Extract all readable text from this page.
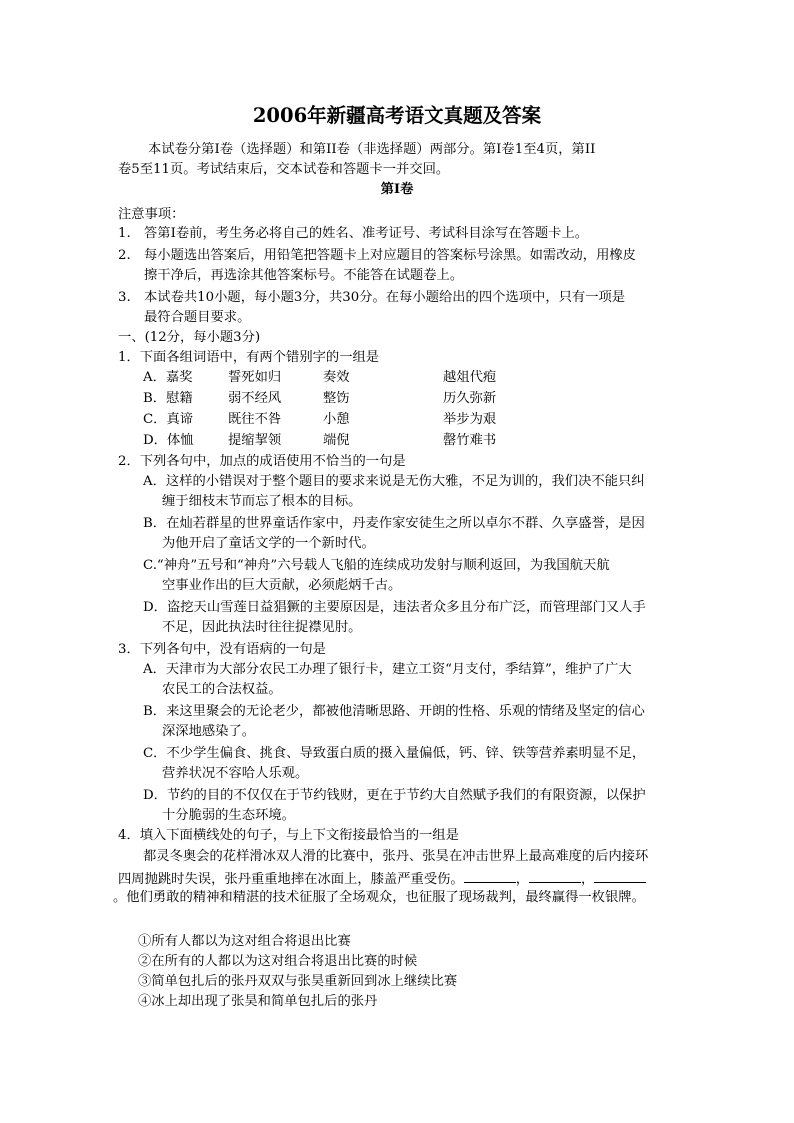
2006年新疆高考语文真题及答案
本试卷分第Ⅰ卷（选择题）和第II卷（非选择题）两部分。第Ⅰ卷1至4页，第II
卷5至11页。考试结束后，交本试卷和答题卡一并交回。
第Ⅰ卷
注意事项：
1. 答第Ⅰ卷前，考生务必将自己的姓名、准考证号、考试科目涂写在答题卡上。
2. 每小题选出答案后，用铅笔把答题卡上对应题目的答案标号涂黑。如需改动，用橡皮
擦干净后，再选涂其他答案标号。不能答在试题卷上。
3. 本试卷共10小题，每小题3分，共30分。在每小题给出的四个选项中，只有一项是
最符合题目要求。
一、(12分，每小题3分)
1．下面各组词语中，有两个错别字的一组是
A．嘉奖	誓死如归	奏效	越俎代疱
B．慰籍	弱不经风	整饬	历久弥新
C．真谛	既往不咎	小憩	举步为艰
D．体恤	提缩挈领	端倪	罄竹难书
2．下列各句中，加点的成语使用不恰当的一句是
A．这样的小错误对于整个题目的要求来说是无伤大雅，不足为训的，我们决不能只纠
缠于细枝末节而忘了根本的目标。
B．在灿若群星的世界童话作家中，丹麦作家安徒生之所以卓尔不群、久享盛誉，是因
为他开启了童话文学的一个新时代。
C.“神舟”五号和“神舟”六号载人飞船的连续成功发射与顺利返回，为我国航天航
空事业作出的巨大贡献，必须彪炳千古。
D．盗挖天山雪莲日益猖獗的主要原因是，违法者众多且分布广泛，而管理部门又人手
不足，因此执法时往往捉襟见肘。
3．下列各句中，没有语病的一句是
A．天津市为大部分农民工办理了银行卡，建立工资“月支付，季结算”，维护了广大
农民工的合法权益。
B．来这里聚会的无论老少，都被他清晰思路、开朗的性格、乐观的情绪及坚定的信心
深深地感染了。
C．不少学生偏食、挑食、导致蛋白质的摄入量偏低，钙、锌、铁等营养素明显不足，
营养状况不容哈人乐观。
D．节约的目的不仅仅在于节约钱财，更在于节约大自然赋予我们的有限资源，以保护
十分脆弱的生态环境。
4．填入下面横线处的句子，与上下文衔接最恰当的一组是
都灵冬奥会的花样滑冰双人滑的比赛中，张丹、张昊在冲击世界上最高难度的后内接环
四周抛跳时失误，张丹重重地摔在冰面上，膝盖严重受伤。	，	，
。他们勇敢的精神和精湛的技术征服了全场观众，也征服了现场裁判，最终赢得一枚银牌。
①所有人都以为这对组合将退出比赛
②在所有的人都以为这对组合将退出比赛的时候
③简单包扎后的张丹双双与张昊重新回到冰上继续比赛
④冰上却出现了张昊和简单包扎后的张丹
